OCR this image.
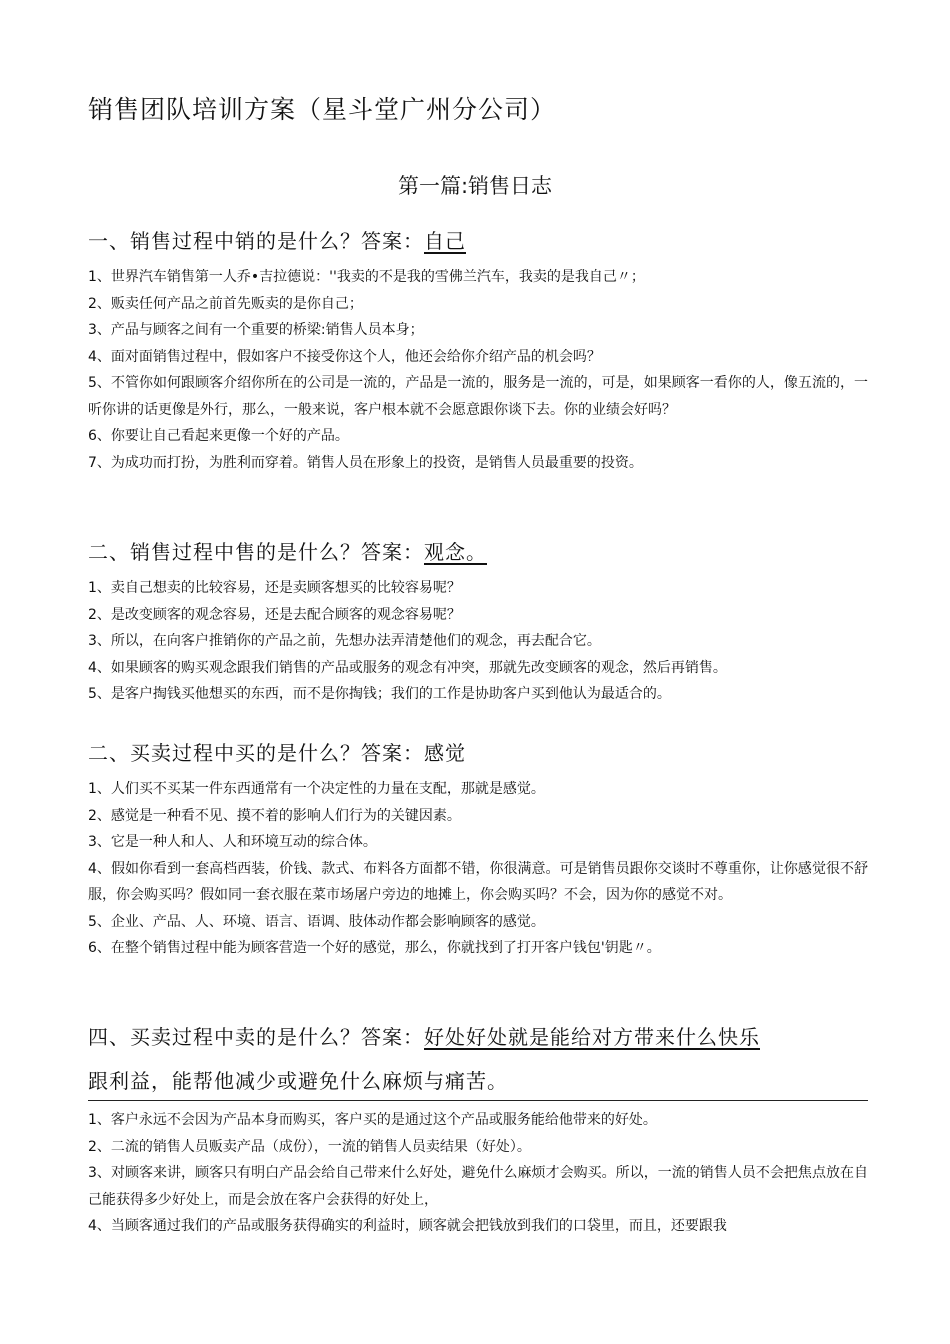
销售团队培训方案（星斗堂广州分公司）
第一篇:销售日志
一、销售过程中销的是什么？答案：自己
1、世界汽车销售第一人乔•吉拉德说：''我卖的不是我的雪佛兰汽车，我卖的是我自己〃；
2、贩卖任何产品之前首先贩卖的是你自己；
3、产品与顾客之间有一个重要的桥梁:销售人员本身；
4、面对面销售过程中，假如客户不接受你这个人，他还会给你介绍产品的机会吗？
5、不管你如何跟顾客介绍你所在的公司是一流的，产品是一流的，服务是一流的，可是，如果顾客一看你的人，像五流的，一听你讲的话更像是外行，那么，一般来说，客户根本就不会愿意跟你谈下去。你的业绩会好吗？
6、你要让自己看起来更像一个好的产品。
7、为成功而打扮，为胜利而穿着。销售人员在形象上的投资，是销售人员最重要的投资。
二、销售过程中售的是什么？答案：观念。
1、卖自己想卖的比较容易，还是卖顾客想买的比较容易呢？
2、是改变顾客的观念容易，还是去配合顾客的观念容易呢？
3、所以，在向客户推销你的产品之前，先想办法弄清楚他们的观念，再去配合它。
4、如果顾客的购买观念跟我们销售的产品或服务的观念有冲突，那就先改变顾客的观念，然后再销售。
5、是客户掏钱买他想买的东西，而不是你掏钱；我们的工作是协助客户买到他认为最适合的。
二、买卖过程中买的是什么？答案：感觉
1、人们买不买某一件东西通常有一个决定性的力量在支配，那就是感觉。
2、感觉是一种看不见、摸不着的影响人们行为的关键因素。
3、它是一种人和人、人和环境互动的综合体。
4、假如你看到一套高档西装，价钱、款式、布料各方面都不错，你很满意。可是销售员跟你交谈时不尊重你，让你感觉很不舒服，你会购买吗？假如同一套衣服在菜市场屠户旁边的地摊上，你会购买吗？不会，因为你的感觉不对。
5、企业、产品、人、环境、语言、语调、肢体动作都会影响顾客的感觉。
6、在整个销售过程中能为顾客营造一个好的感觉，那么，你就找到了打开客户钱包'钥匙〃。
四、买卖过程中卖的是什么？答案：好处好处就是能给对方带来什么快乐
跟利益，能帮他减少或避免什么麻烦与痛苦。
1、客户永远不会因为产品本身而购买，客户买的是通过这个产品或服务能给他带来的好处。
2、二流的销售人员贩卖产品（成份），一流的销售人员卖结果（好处）。
3、对顾客来讲，顾客只有明白产品会给自己带来什么好处，避免什么麻烦才会购买。所以，一流的销售人员不会把焦点放在自己能获得多少好处上，而是会放在客户会获得的好处上，
4、当顾客通过我们的产品或服务获得确实的利益时，顾客就会把钱放到我们的口袋里，而且，还要跟我
